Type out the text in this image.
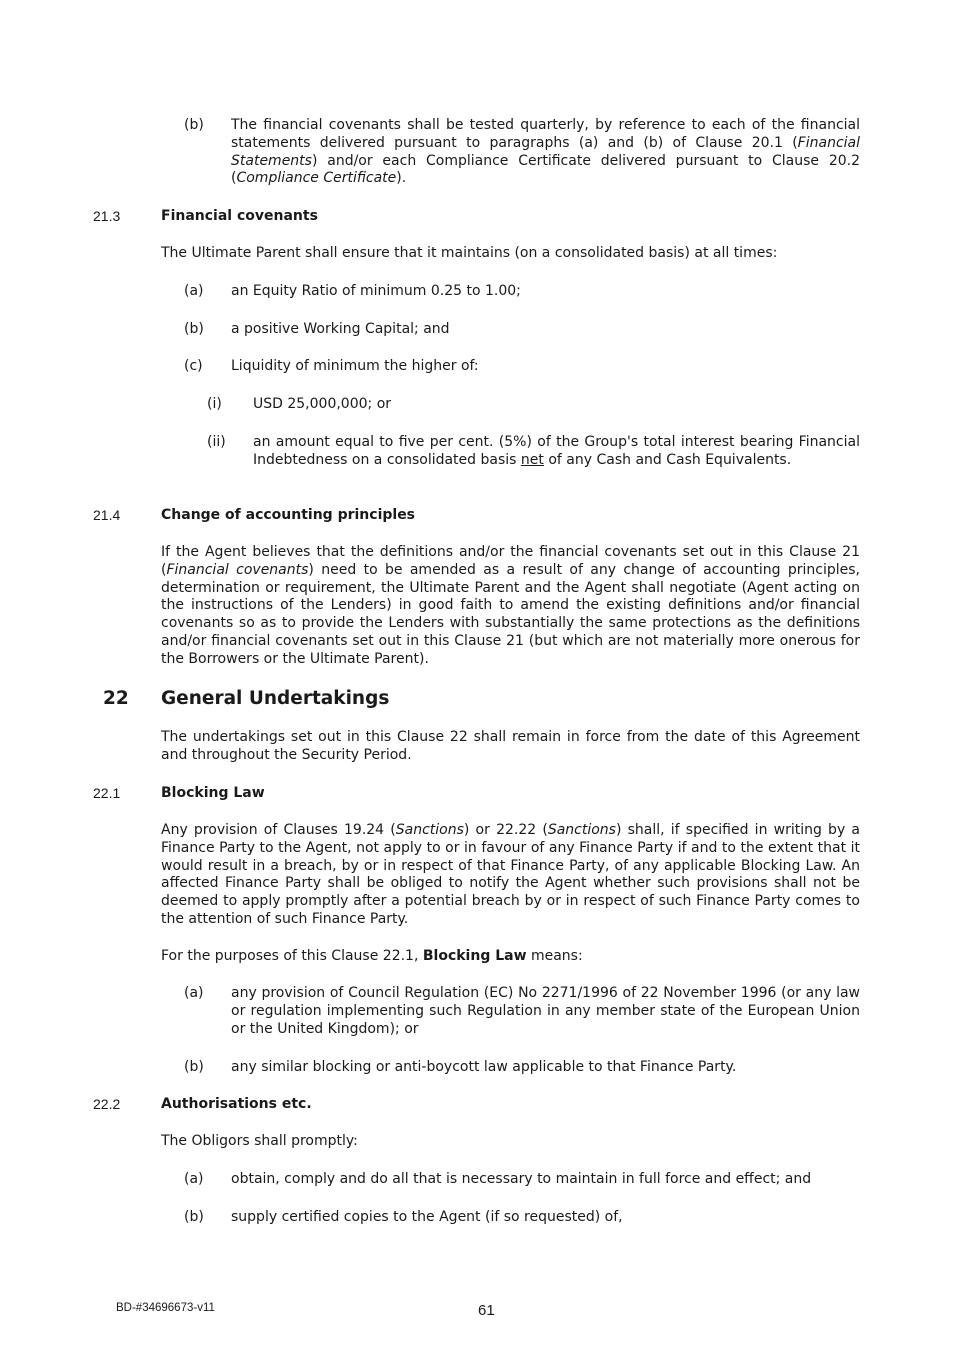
(b) The financial covenants shall be tested quarterly, by reference to each of the financial statements delivered pursuant to paragraphs (a) and (b) of Clause 20.1 (Financial Statements) and/or each Compliance Certificate delivered pursuant to Clause 20.2 (Compliance Certificate).
21.3	Financial covenants
The Ultimate Parent shall ensure that it maintains (on a consolidated basis) at all times:
(a) an Equity Ratio of minimum 0.25 to 1.00;
(b) a positive Working Capital; and
(c) Liquidity of minimum the higher of:
(i) USD 25,000,000; or
(ii) an amount equal to five per cent. (5%) of the Group's total interest bearing Financial Indebtedness on a consolidated basis net of any Cash and Cash Equivalents.
21.4	Change of accounting principles
If the Agent believes that the definitions and/or the financial covenants set out in this Clause 21 (Financial covenants) need to be amended as a result of any change of accounting principles, determination or requirement, the Ultimate Parent and the Agent shall negotiate (Agent acting on the instructions of the Lenders) in good faith to amend the existing definitions and/or financial covenants so as to provide the Lenders with substantially the same protections as the definitions and/or financial covenants set out in this Clause 21 (but which are not materially more onerous for the Borrowers or the Ultimate Parent).
22 General Undertakings
The undertakings set out in this Clause 22 shall remain in force from the date of this Agreement and throughout the Security Period.
22.1	Blocking Law
Any provision of Clauses 19.24 (Sanctions) or 22.22 (Sanctions) shall, if specified in writing by a Finance Party to the Agent, not apply to or in favour of any Finance Party if and to the extent that it would result in a breach, by or in respect of that Finance Party, of any applicable Blocking Law. An affected Finance Party shall be obliged to notify the Agent whether such provisions shall not be deemed to apply promptly after a potential breach by or in respect of such Finance Party comes to the attention of such Finance Party.
For the purposes of this Clause 22.1, Blocking Law means:
(a) any provision of Council Regulation (EC) No 2271/1996 of 22 November 1996 (or any law or regulation implementing such Regulation in any member state of the European Union or the United Kingdom); or
(b) any similar blocking or anti-boycott law applicable to that Finance Party.
22.2	Authorisations etc.
The Obligors shall promptly:
(a) obtain, comply and do all that is necessary to maintain in full force and effect; and
(b) supply certified copies to the Agent (if so requested) of,
BD-#34696673-v11	61
